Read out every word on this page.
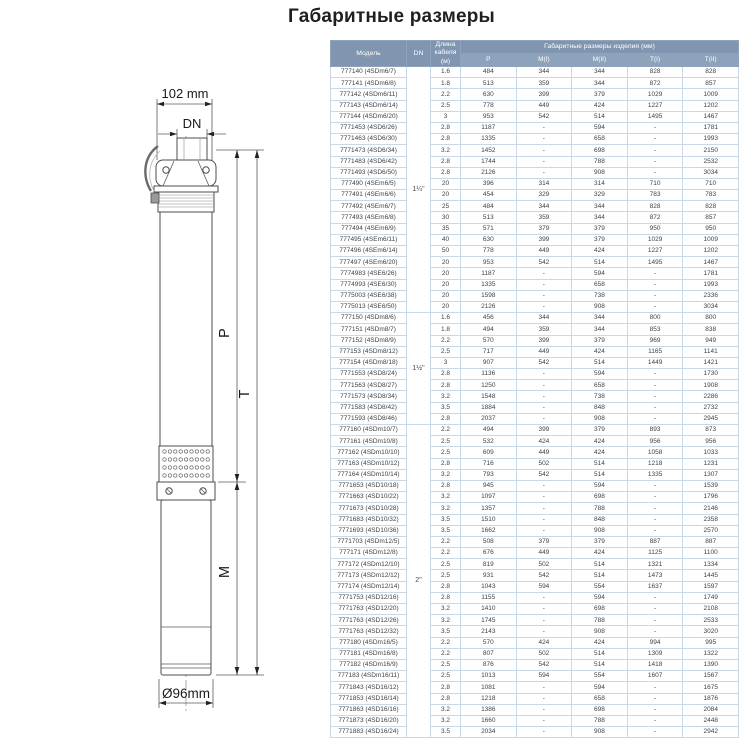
Габаритные размеры
102 mm
DN
Ø96mm
P
M
T
Модель	DN	Длина кабеля (м)	Габаритные размеры изделия (мм)				
			P	М(I)	М(II)	Т(I)	Т(II)
777140 (4SDm6/7)	1¼"	1.6	484	344	344	828	828
777141 (4SDm6/8)		1.8	513	359	344	872	857
777142 (4SDm6/11)		2.2	630	399	379	1029	1009
777143 (4SDm6/14)		2.5	778	449	424	1227	1202
777144 (4SDm6/20)		3	953	542	514	1495	1467
7771453 (4SD6/26)		2.8	1187	-	594	-	1781
7771463 (4SD6/30)		2.8	1335	-	658	-	1993
7771473 (4SD6/34)		3.2	1452	-	698	-	2150
7771483 (4SD6/42)		2.8	1744	-	788	-	2532
7771493 (4SD6/50)		2.8	2126	-	908	-	3034
777490 (4SEm6/5)		20	396	314	314	710	710
777491 (4SEm6/6)		20	454	329	329	783	783
777492 (4SEm6/7)		25	484	344	344	828	828
777493 (4SEm6/8)		30	513	359	344	872	857
777494 (4SEm6/9)		35	571	379	379	950	950
777495 (4SEm6/11)		40	630	399	379	1029	1009
777496 (4SEm6/14)		50	778	449	424	1227	1202
777497 (4SEm6/20)		20	953	542	514	1495	1467
7774983 (4SE6/26)		20	1187	-	594	-	1781
7774993 (4SE6/30)		20	1335	-	658	-	1993
7775003 (4SE6/38)		20	1598	-	738	-	2336
7775013 (4SE6/50)		20	2126	-	908	-	3034
777150 (4SDm8/6)	1½"	1.6	456	344	344	800	800
777151 (4SDm8/7)		1.8	494	359	344	853	838
777152 (4SDm8/9)		2.2	570	399	379	969	949
777153 (4SDm8/12)		2.5	717	449	424	1165	1141
777154 (4SDm8/18)		3	907	542	514	1449	1421
7771553 (4SD8/24)		2.8	1136	-	594	-	1730
7771563 (4SD8/27)		2.8	1250	-	658	-	1908
7771573 (4SD8/34)		3.2	1548	-	738	-	2286
7771583 (4SD8/42)		3.5	1884	-	848	-	2732
7771593 (4SD8/46)		2.8	2037	-	908	-	2945
777160 (4SDm10/7)	2"	2.2	494	399	379	893	873
777161 (4SDm10/8)		2.5	532	424	424	956	956
777162 (4SDm10/10)		2.5	609	449	424	1058	1033
777163 (4SDm10/12)		2.8	716	502	514	1218	1231
777164 (4SDm10/14)		3.2	793	542	514	1335	1307
7771653 (4SD10/18)		2.8	945	-	594	-	1539
7771663 (4SD10/22)		3.2	1097	-	698	-	1796
7771673 (4SD10/28)		3.2	1357	-	788	-	2146
7771683 (4SD10/32)		3.5	1510	-	848	-	2358
7771693 (4SD10/36)		3.5	1662	-	908	-	2570
7771703 (4SDm12/5)		2.2	508	379	379	887	887
777171 (4SDm12/8)		2.2	676	449	424	1125	1100
777172 (4SDm12/10)		2.5	819	502	514	1321	1334
777173 (4SDm12/12)		2.5	931	542	514	1473	1445
777174 (4SDm12/14)		2.8	1043	594	554	1637	1597
7771753 (4SD12/16)		2.8	1155	-	594	-	1749
7771763 (4SD12/20)		3.2	1410	-	698	-	2108
7771763 (4SD12/26)		3.2	1745	-	788	-	2533
7771763 (4SD12/32)		3.5	2143	-	908	-	3020
777180 (4SDm16/5)		2.2	570	424	424	994	995
777181 (4SDm16/8)		2.2	807	502	514	1309	1322
777182 (4SDm16/9)		2.5	876	542	514	1418	1390
777183 (4SDm16/11)		2.5	1013	594	554	1607	1567
7771843 (4SD16/12)		2.8	1081	-	594	-	1675
7771853 (4SD16/14)		2.8	1218	-	658	-	1876
7771863 (4SD16/16)		3.2	1386	-	698	-	2084
7771873 (4SD16/20)		3.2	1660	-	788	-	2448
7771883 (4SD16/24)		3.5	2034	-	908	-	2942
